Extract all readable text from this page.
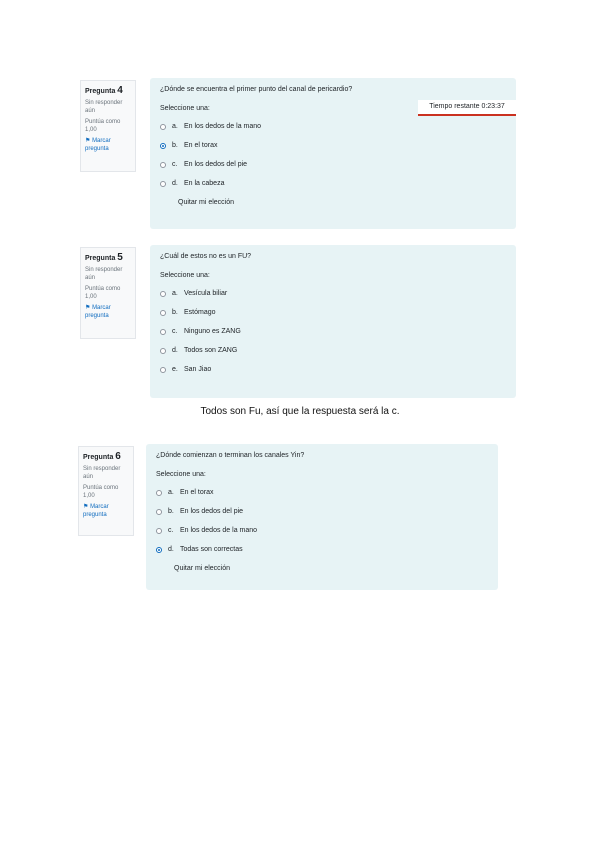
Pregunta 4
Sin responder aún
Puntúa como 1,00
⚑ Marcar pregunta
¿Dónde se encuentra el primer punto del canal de pericardio?
Seleccione una:
a. En los dedos de la mano
b. En el torax
c. En los dedos del pie
d. En la cabeza
Quitar mi elección
Tiempo restante 0:23:37
Pregunta 5
Sin responder aún
Puntúa como 1,00
⚑ Marcar pregunta
¿Cuál de estos no es un FU?
Seleccione una:
a. Vesícula biliar
b. Estómago
c. Ninguno es ZANG
d. Todos son ZANG
e. San Jiao
Todos son Fu, así que la respuesta será la c.
Pregunta 6
Sin responder aún
Puntúa como 1,00
⚑ Marcar pregunta
¿Dónde comienzan o terminan los canales Yin?
Seleccione una:
a. En el torax
b. En los dedos del pie
c. En los dedos de la mano
d. Todas son correctas
Quitar mi elección
